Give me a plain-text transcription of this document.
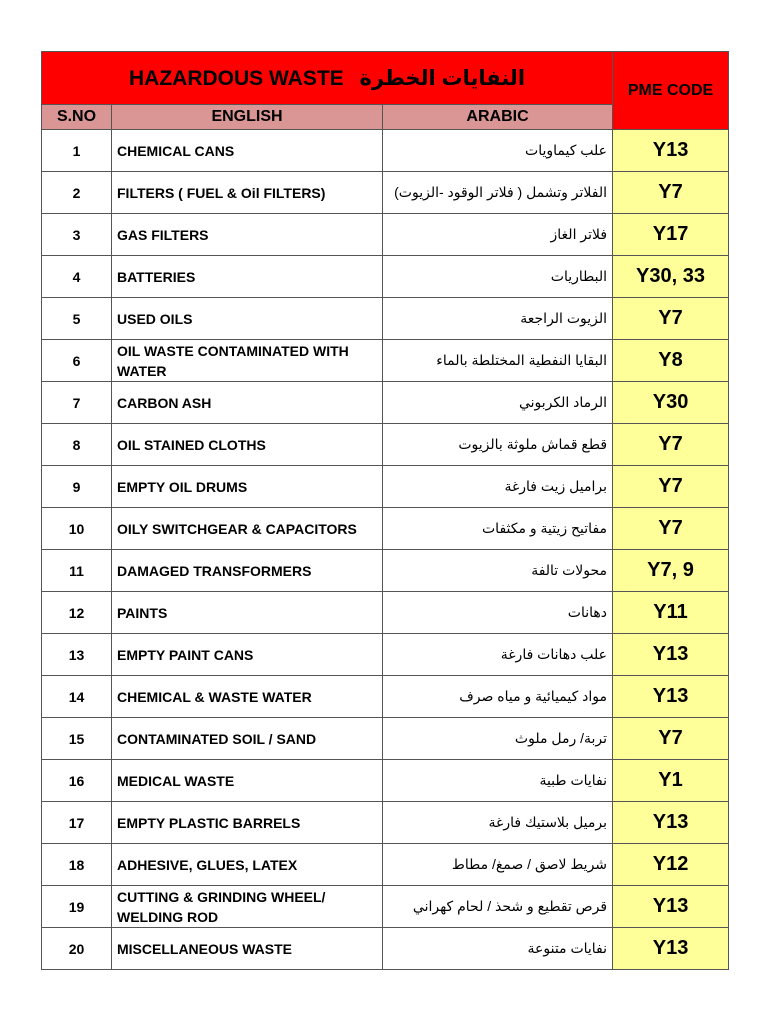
HAZARDOUS WASTE النفايات الخطرة			PME CODE
S.NO	ENGLISH	ARABIC	
1	CHEMICAL CANS	علب كيماويات	Y13
2	FILTERS ( FUEL & Oil FILTERS)	الفلاتر وتشمل ( فلاتر الوقود -الزيوت)	Y7
3	GAS FILTERS	فلاتر الغاز	Y17
4	BATTERIES	البطاريات	Y30, 33
5	USED OILS	الزيوت الراجعة	Y7
6	OIL WASTE CONTAMINATED WITH WATER	البقايا النفطية المختلطة بالماء	Y8
7	CARBON ASH	الرماد الكربوني	Y30
8	OIL STAINED CLOTHS	قطع قماش ملوثة بالزيوت	Y7
9	EMPTY OIL DRUMS	براميل زيت فارغة	Y7
10	OILY SWITCHGEAR & CAPACITORS	مفاتيح زيتية و مكثفات	Y7
11	DAMAGED TRANSFORMERS	محولات تالفة	Y7, 9
12	PAINTS	دهانات	Y11
13	EMPTY PAINT CANS	علب دهانات فارغة	Y13
14	CHEMICAL & WASTE WATER	مواد كيميائية و مياه صرف	Y13
15	CONTAMINATED SOIL / SAND	تربة/ رمل ملوث	Y7
16	MEDICAL WASTE	نفايات طبية	Y1
17	EMPTY PLASTIC BARRELS	برميل بلاستيك فارغة	Y13
18	ADHESIVE, GLUES, LATEX	شريط لاصق / صمغ/ مطاط	Y12
19	CUTTING & GRINDING WHEEL/ WELDING ROD	قرص تقطيع و شحذ / لحام كهراني	Y13
20	MISCELLANEOUS WASTE	نفايات متنوعة	Y13
